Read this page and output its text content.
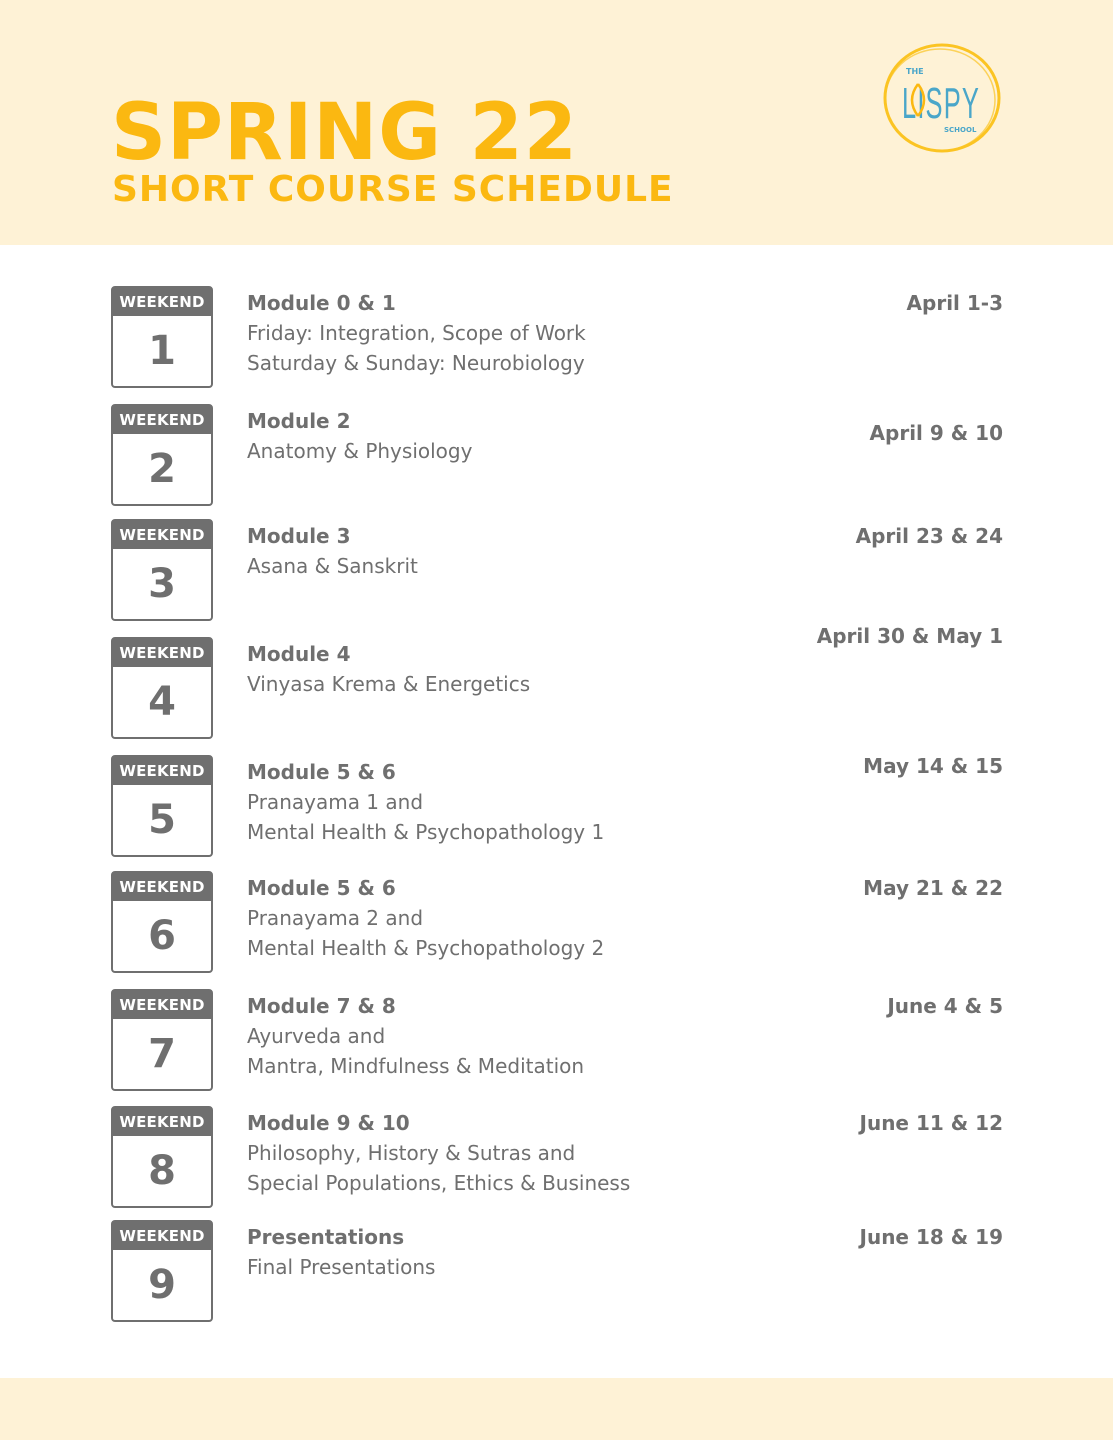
SPRING 22
SHORT COURSE SCHEDULE
THE
LISPY
SCHOOL
WEEKEND
1

Module 0 & 1

Friday: Integration, Scope of Work

Saturday & Sunday: Neurobiology

April 1-3

WEEKEND
2

Module 2

Anatomy & Physiology

April 9 & 10

WEEKEND
3

Module 3

Asana & Sanskrit

April 23 & 24

WEEKEND
4

Module 4

Vinyasa Krema & Energetics

April 30 & May 1

WEEKEND
5

Module 5 & 6

Pranayama 1 and

Mental Health & Psychopathology 1

May 14 & 15

WEEKEND
6

Module 5 & 6

Pranayama 2 and

Mental Health & Psychopathology 2

May 21 & 22

WEEKEND
7

Module 7 & 8

Ayurveda and

Mantra, Mindfulness & Meditation

June 4 & 5

WEEKEND
8

Module 9 & 10

Philosophy, History & Sutras and

Special Populations, Ethics & Business

June 11 & 12

WEEKEND
9

Presentations

Final Presentations

June 18 & 19
